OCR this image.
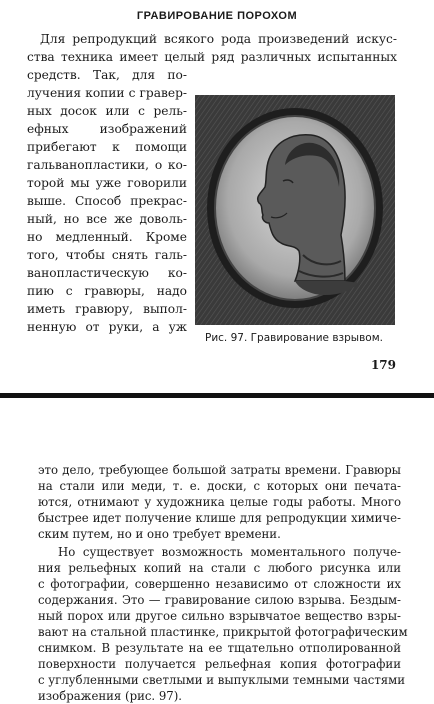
ГРАВИРОВАНИЕ ПОРОХОМ
Для репродукций всякого рода произведений искус-
ства техника имеет целый ряд различных испытанных
средств. Так, для по-
лучения копии с гравер-
ных досок или с рель-
ефных изображений
прибегают к помощи
гальванопластики, о ко-
торой мы уже говорили
выше. Способ прекрас-
ный, но все же доволь-
но медленный. Кроме
того, чтобы снять галь-
ванопластическую ко-
пию с гравюры, надо
иметь гравюру, выпол-
ненную от руки, а уж
Рис. 97. Гравирование взрывом.
179
это дело, требующее большой затраты времени. Гравюры
на стали или меди, т. е. доски, с которых они печата-
ются, отнимают у художника целые годы работы. Много
быстрее идет получение клише для репродукции химиче-
ским путем, но и оно требует времени.
Но существует возможность моментального получе-
ния рельефных копий на стали с любого рисунка или
с фотографии, совершенно независимо от сложности их
содержания. Это — гравирование силою взрыва. Бездым-
ный порох или другое сильно взрывчатое вещество взры-
вают на стальной пластинке, прикрытой фотографическим
снимком. В результате на ее тщательно отполированной
поверхности получается рельефная копия фотографии
с углубленными светлыми и выпуклыми темными частями
изображения (рис. 97).
